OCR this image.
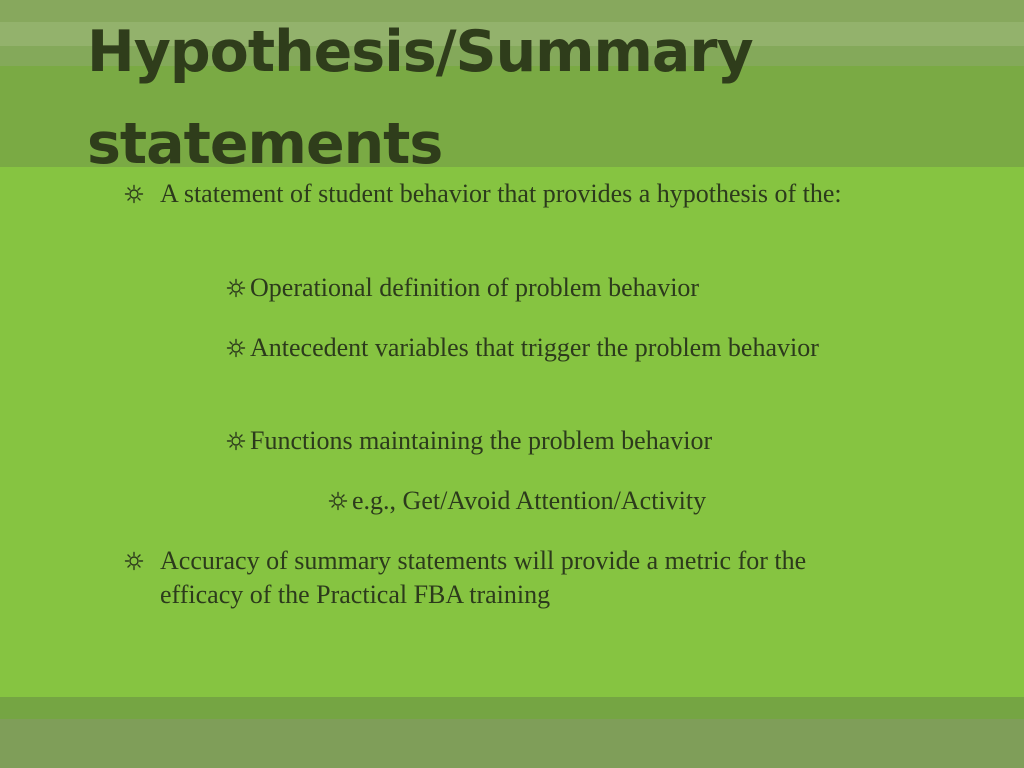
Hypothesis/Summary statements
A statement of student behavior that provides a hypothesis of the:
Operational definition of problem behavior
Antecedent variables that trigger the problem behavior
Functions maintaining the problem behavior
e.g., Get/Avoid Attention/Activity
Accuracy of summary statements will provide a metric for the efficacy of the Practical FBA training
